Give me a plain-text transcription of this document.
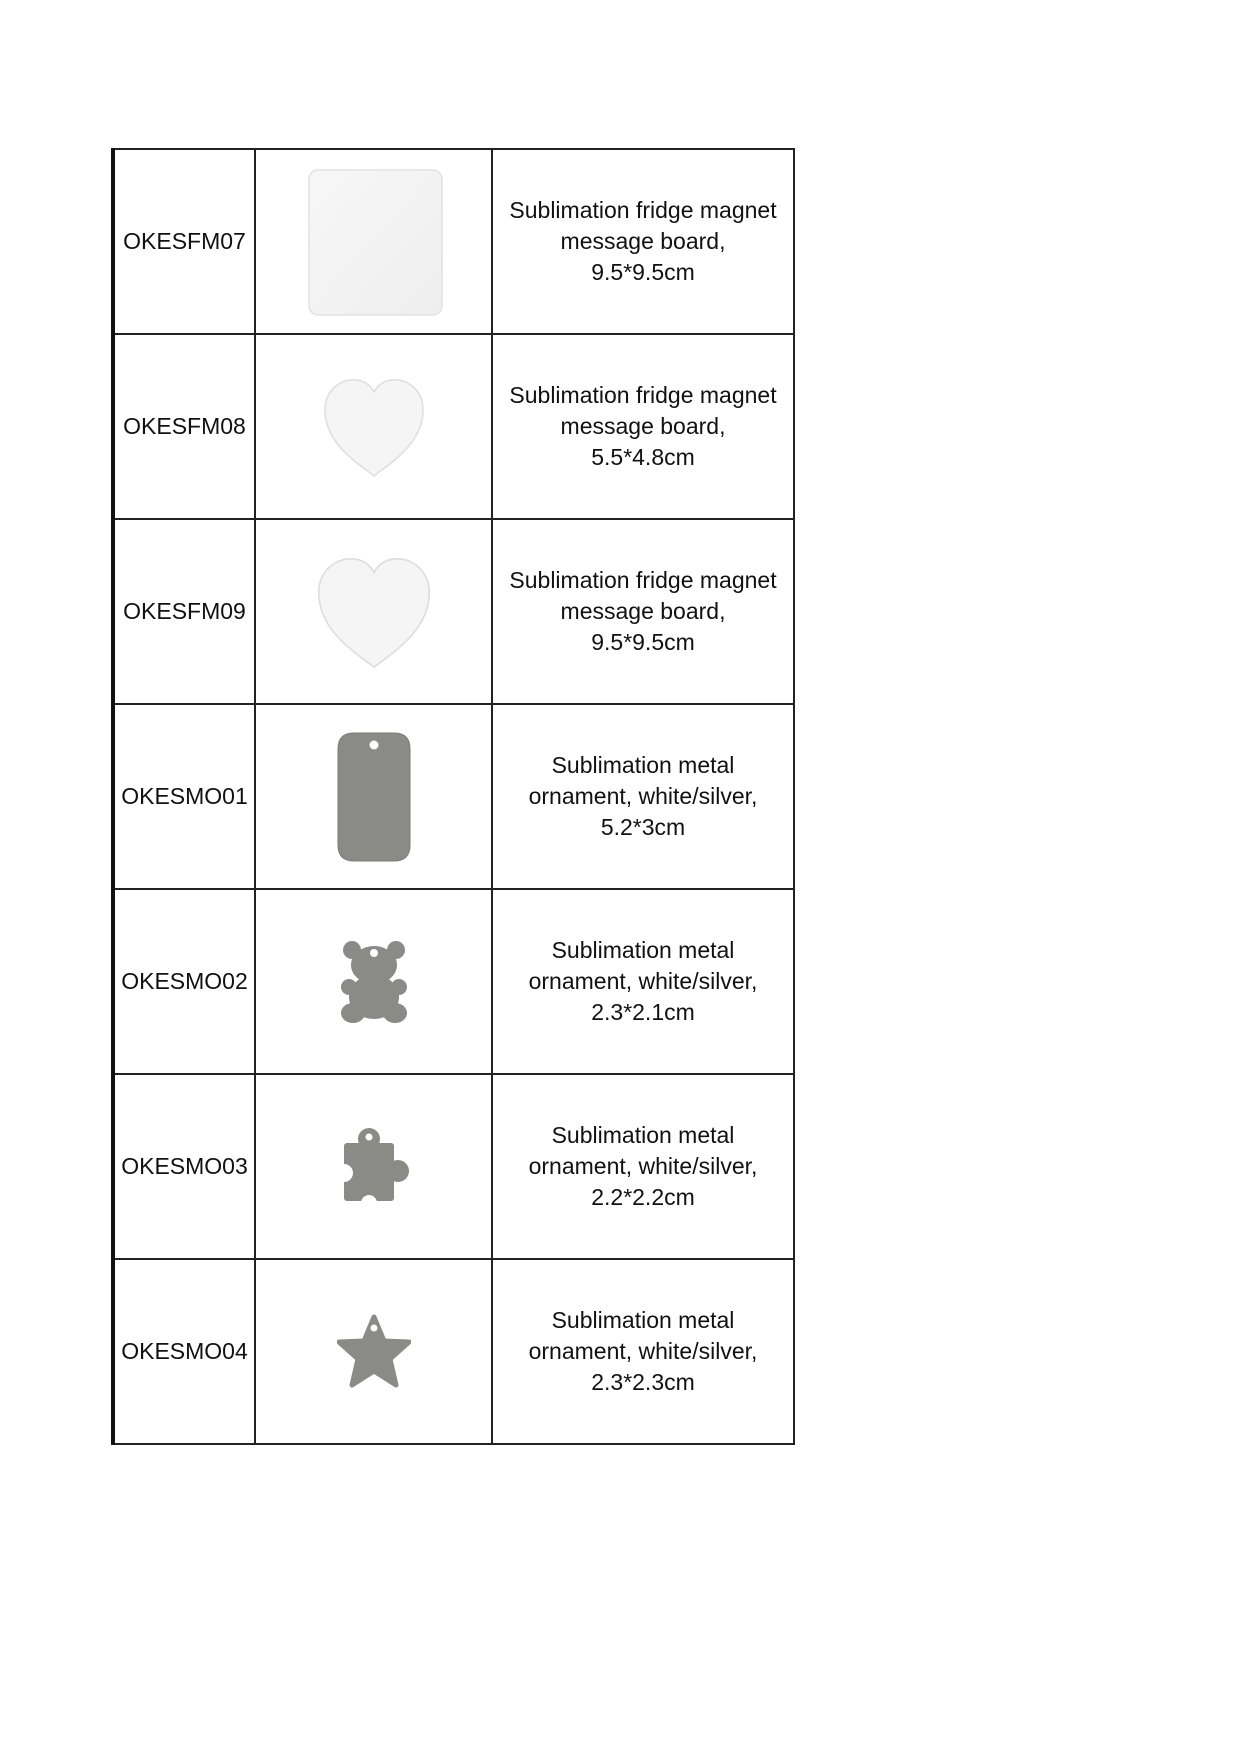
OKESFM07		Sublimation fridge magnet
message board,
9.5*9.5cm

OKESFM08		Sublimation fridge magnet
message board,
5.5*4.8cm

OKESFM09		Sublimation fridge magnet
message board,
9.5*9.5cm

OKESMO01		Sublimation metal
ornament, white/silver,
5.2*3cm

OKESMO02		Sublimation metal
ornament, white/silver,
2.3*2.1cm

OKESMO03		Sublimation metal
ornament, white/silver,
2.2*2.2cm

OKESMO04		Sublimation metal
ornament, white/silver,
2.3*2.3cm
